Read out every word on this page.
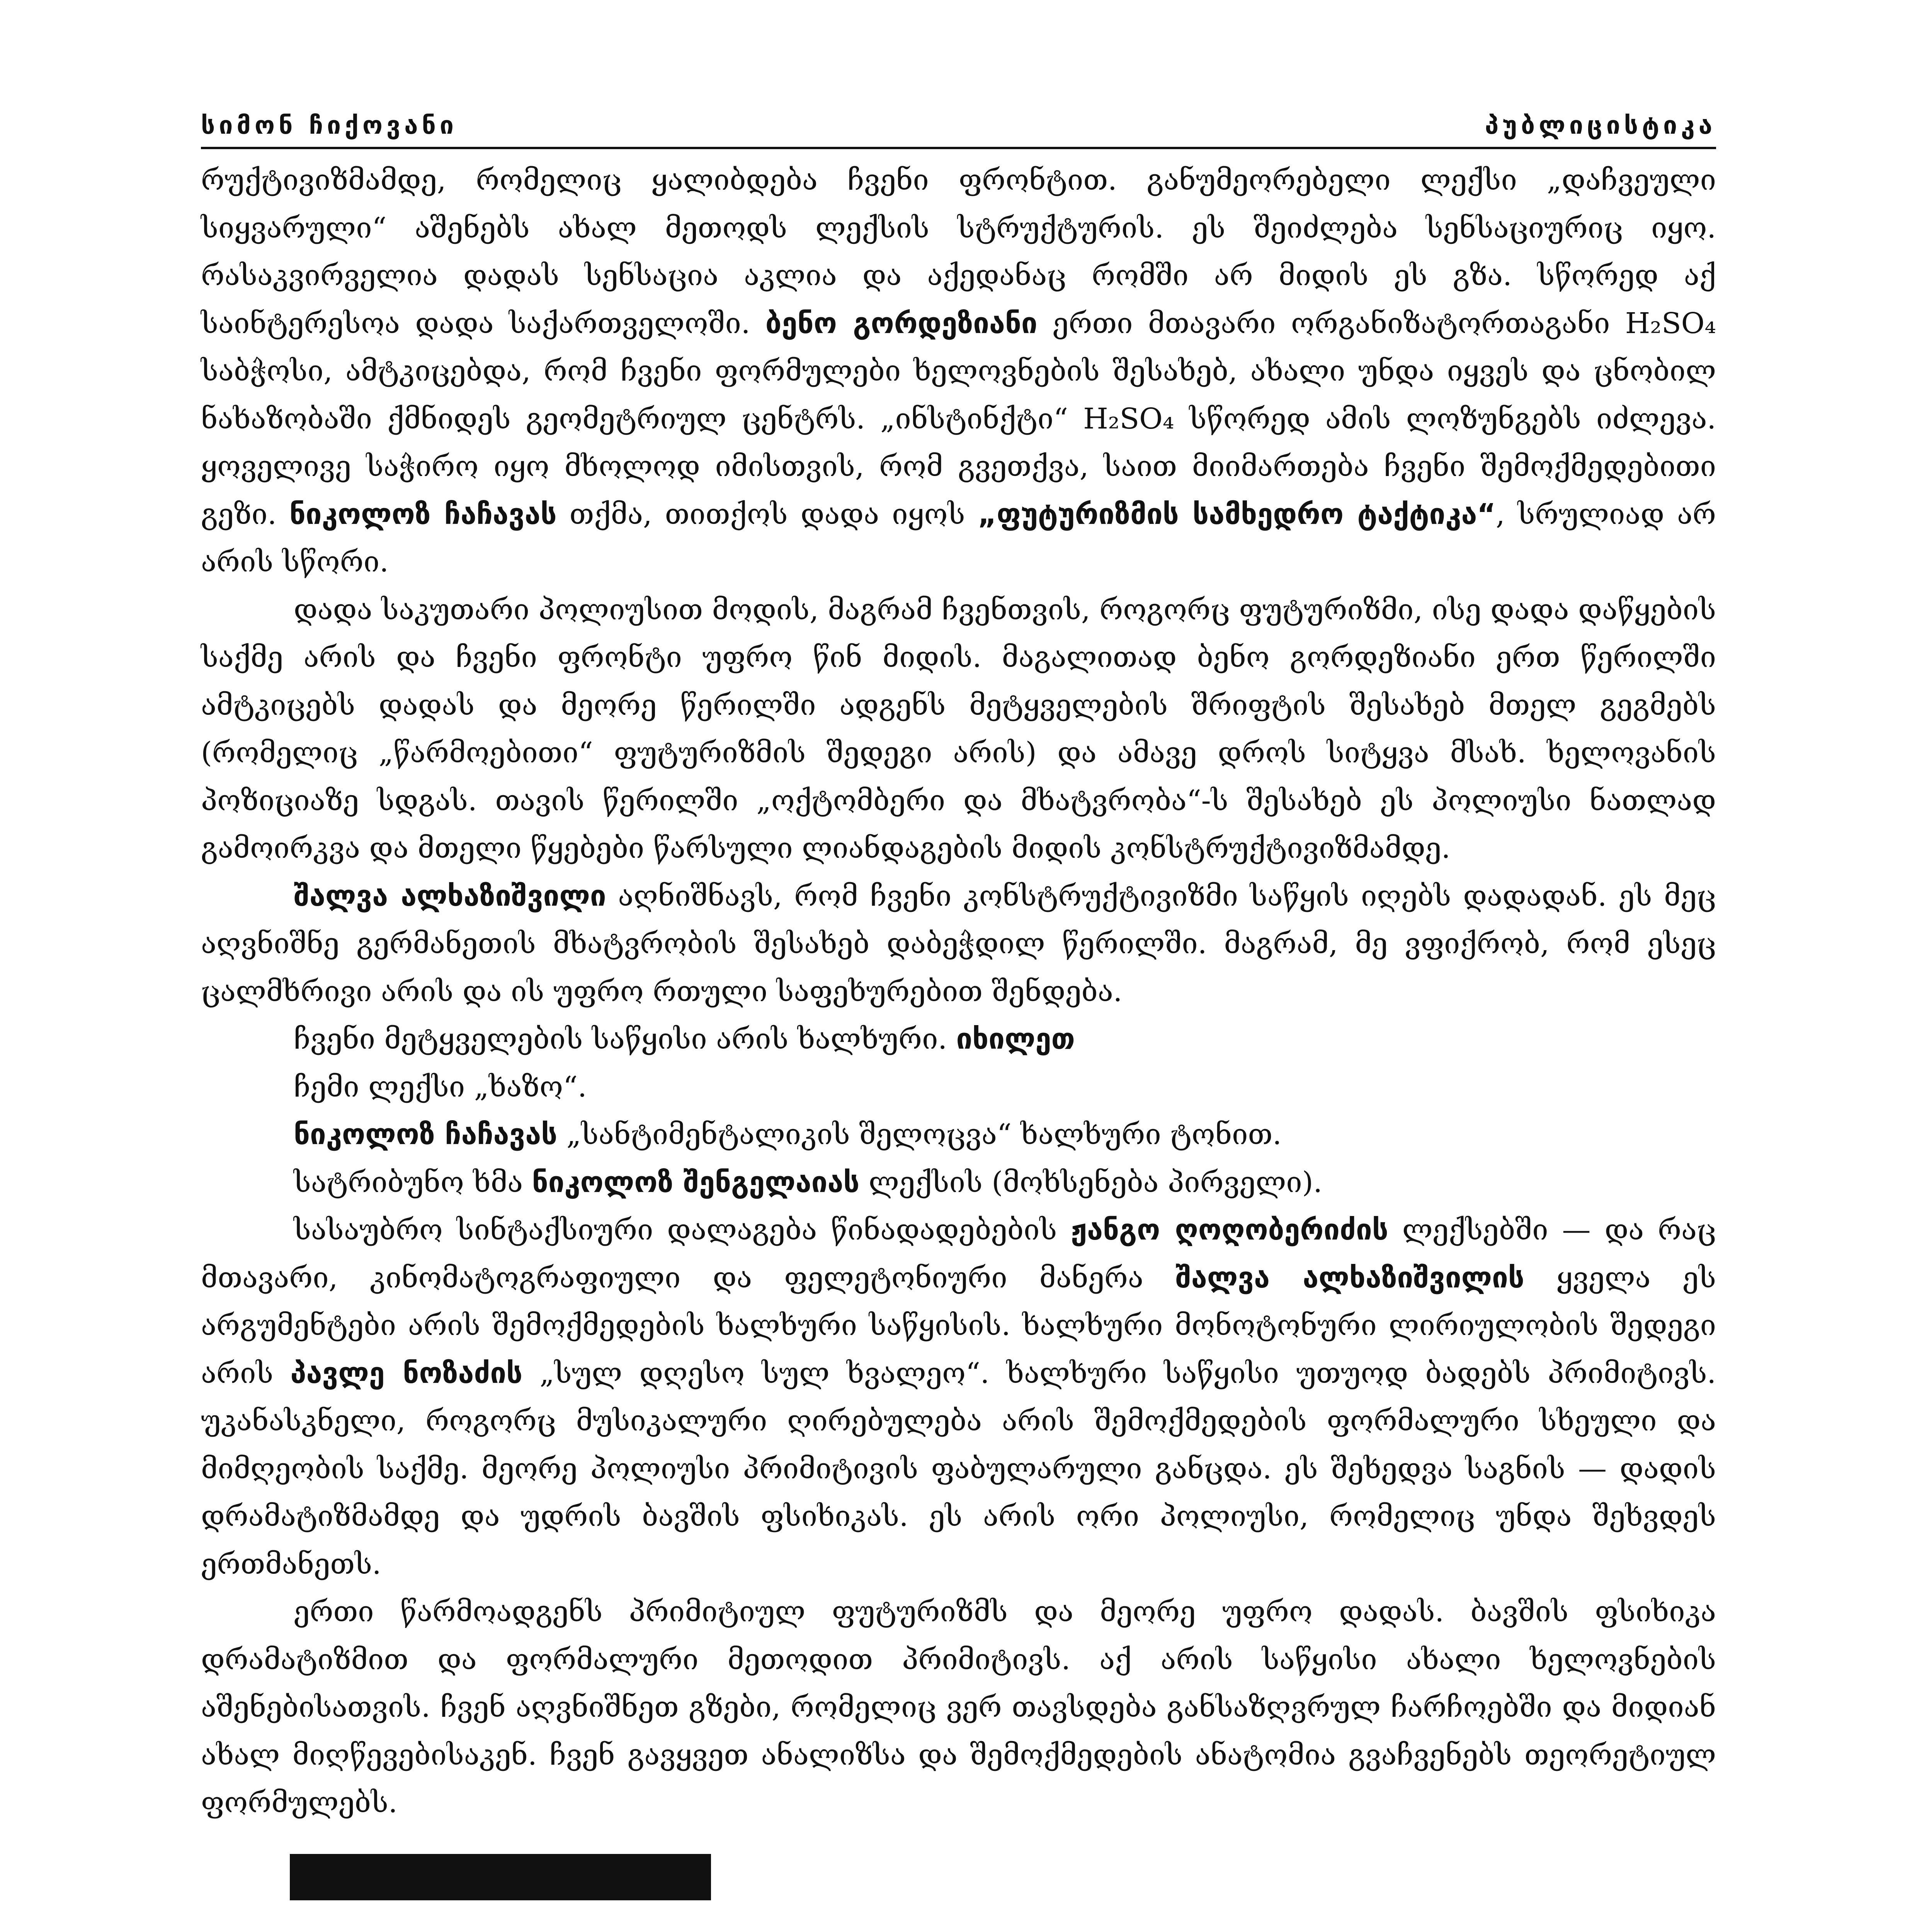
სიმონ ჩიქოვანი	პუბლიცისტიკა

რუქტივიზმამდე, რომელიც ყალიბდება ჩვენი ფრონტით. განუმეორებელი ლექსი „დაჩვეული სიყვარული“ აშენებს ახალ მეთოდს ლექსის სტრუქტურის. ეს შეიძლება სენსაციურიც იყო. რასაკვირველია დადას სენსაცია აკლია და აქედანაც რომში არ მიდის ეს გზა. სწორედ აქ საინტერესოა დადა საქართველოში. ბენო გორდეზიანი ერთი მთავარი ორგანიზატორთაგანი H₂SO₄ საბჭოსი, ამტკიცებდა, რომ ჩვენი ფორმულები ხელოვნების შესახებ, ახალი უნდა იყვეს და ცნობილ ნახაზობაში ქმნიდეს გეომეტრიულ ცენტრს. „ინსტინქტი“ H₂SO₄ სწორედ ამის ლოზუნგებს იძლევა. ყოველივე საჭირო იყო მხოლოდ იმისთვის, რომ გვეთქვა, საით მიიმართება ჩვენი შემოქმედებითი გეზი. ნიკოლოზ ჩაჩავას თქმა, თითქოს დადა იყოს „ფუტურიზმის სამხედრო ტაქტიკა“, სრულიად არ არის სწორი.

დადა საკუთარი პოლიუსით მოდის, მაგრამ ჩვენთვის, როგორც ფუტურიზმი, ისე დადა დაწყების საქმე არის და ჩვენი ფრონტი უფრო წინ მიდის. მაგალითად ბენო გორდეზიანი ერთ წერილში ამტკიცებს დადას და მეორე წერილში ადგენს მეტყველების შრიფტის შესახებ მთელ გეგმებს (რომელიც „წარმოებითი“ ფუტურიზმის შედეგი არის) და ამავე დროს სიტყვა მსახ. ხელოვანის პოზიციაზე სდგას. თავის წერილში „ოქტომბერი და მხატვრობა“-ს შესახებ ეს პოლიუსი ნათლად გამოირკვა და მთელი წყებები წარსული ლიანდაგების მიდის კონსტრუქტივიზმამდე.

შალვა ალხაზიშვილი აღნიშნავს, რომ ჩვენი კონსტრუქტივიზმი საწყის იღებს დადადან. ეს მეც აღვნიშნე გერმანეთის მხატვრობის შესახებ დაბეჭდილ წერილში. მაგრამ, მე ვფიქრობ, რომ ესეც ცალმხრივი არის და ის უფრო რთული საფეხურებით შენდება.

ჩვენი მეტყველების საწყისი არის ხალხური. იხილეთ

ჩემი ლექსი „ხაზო“.

ნიკოლოზ ჩაჩავას „სანტიმენტალიკის შელოცვა“ ხალხური ტონით.

სატრიბუნო ხმა ნიკოლოზ შენგელაიას ლექსის (მოხსენება პირველი).

სასაუბრო სინტაქსიური დალაგება წინადადებების ჟანგო ღოღობერიძის ლექსებში — და რაც მთავარი, კინომატოგრაფიული და ფელეტონიური მანერა შალვა ალხაზიშვილის ყველა ეს არგუმენტები არის შემოქმედების ხალხური საწყისის. ხალხური მონოტონური ლირიულობის შედეგი არის პავლე ნოზაძის „სულ დღესო სულ ხვალეო“. ხალხური საწყისი უთუოდ ბადებს პრიმიტივს. უკანასკნელი, როგორც მუსიკალური ღირებულება არის შემოქმედების ფორმალური სხეული და მიმღეობის საქმე. მეორე პოლიუსი პრიმიტივის ფაბულარული განცდა. ეს შეხედვა საგნის — დადის დრამატიზმამდე და უდრის ბავშის ფსიხიკას. ეს არის ორი პოლიუსი, რომელიც უნდა შეხვდეს ერთმანეთს.

ერთი წარმოადგენს პრიმიტიულ ფუტურიზმს და მეორე უფრო დადას. ბავშის ფსიხიკა დრამატიზმით და ფორმალური მეთოდით პრიმიტივს. აქ არის საწყისი ახალი ხელოვნების აშენებისათვის. ჩვენ აღვნიშნეთ გზები, რომელიც ვერ თავსდება განსაზღვრულ ჩარჩოებში და მიდიან ახალ მიღწევებისაკენ. ჩვენ გავყვეთ ანალიზსა და შემოქმედების ანატომია გვაჩვენებს თეორეტიულ ფორმულებს.
